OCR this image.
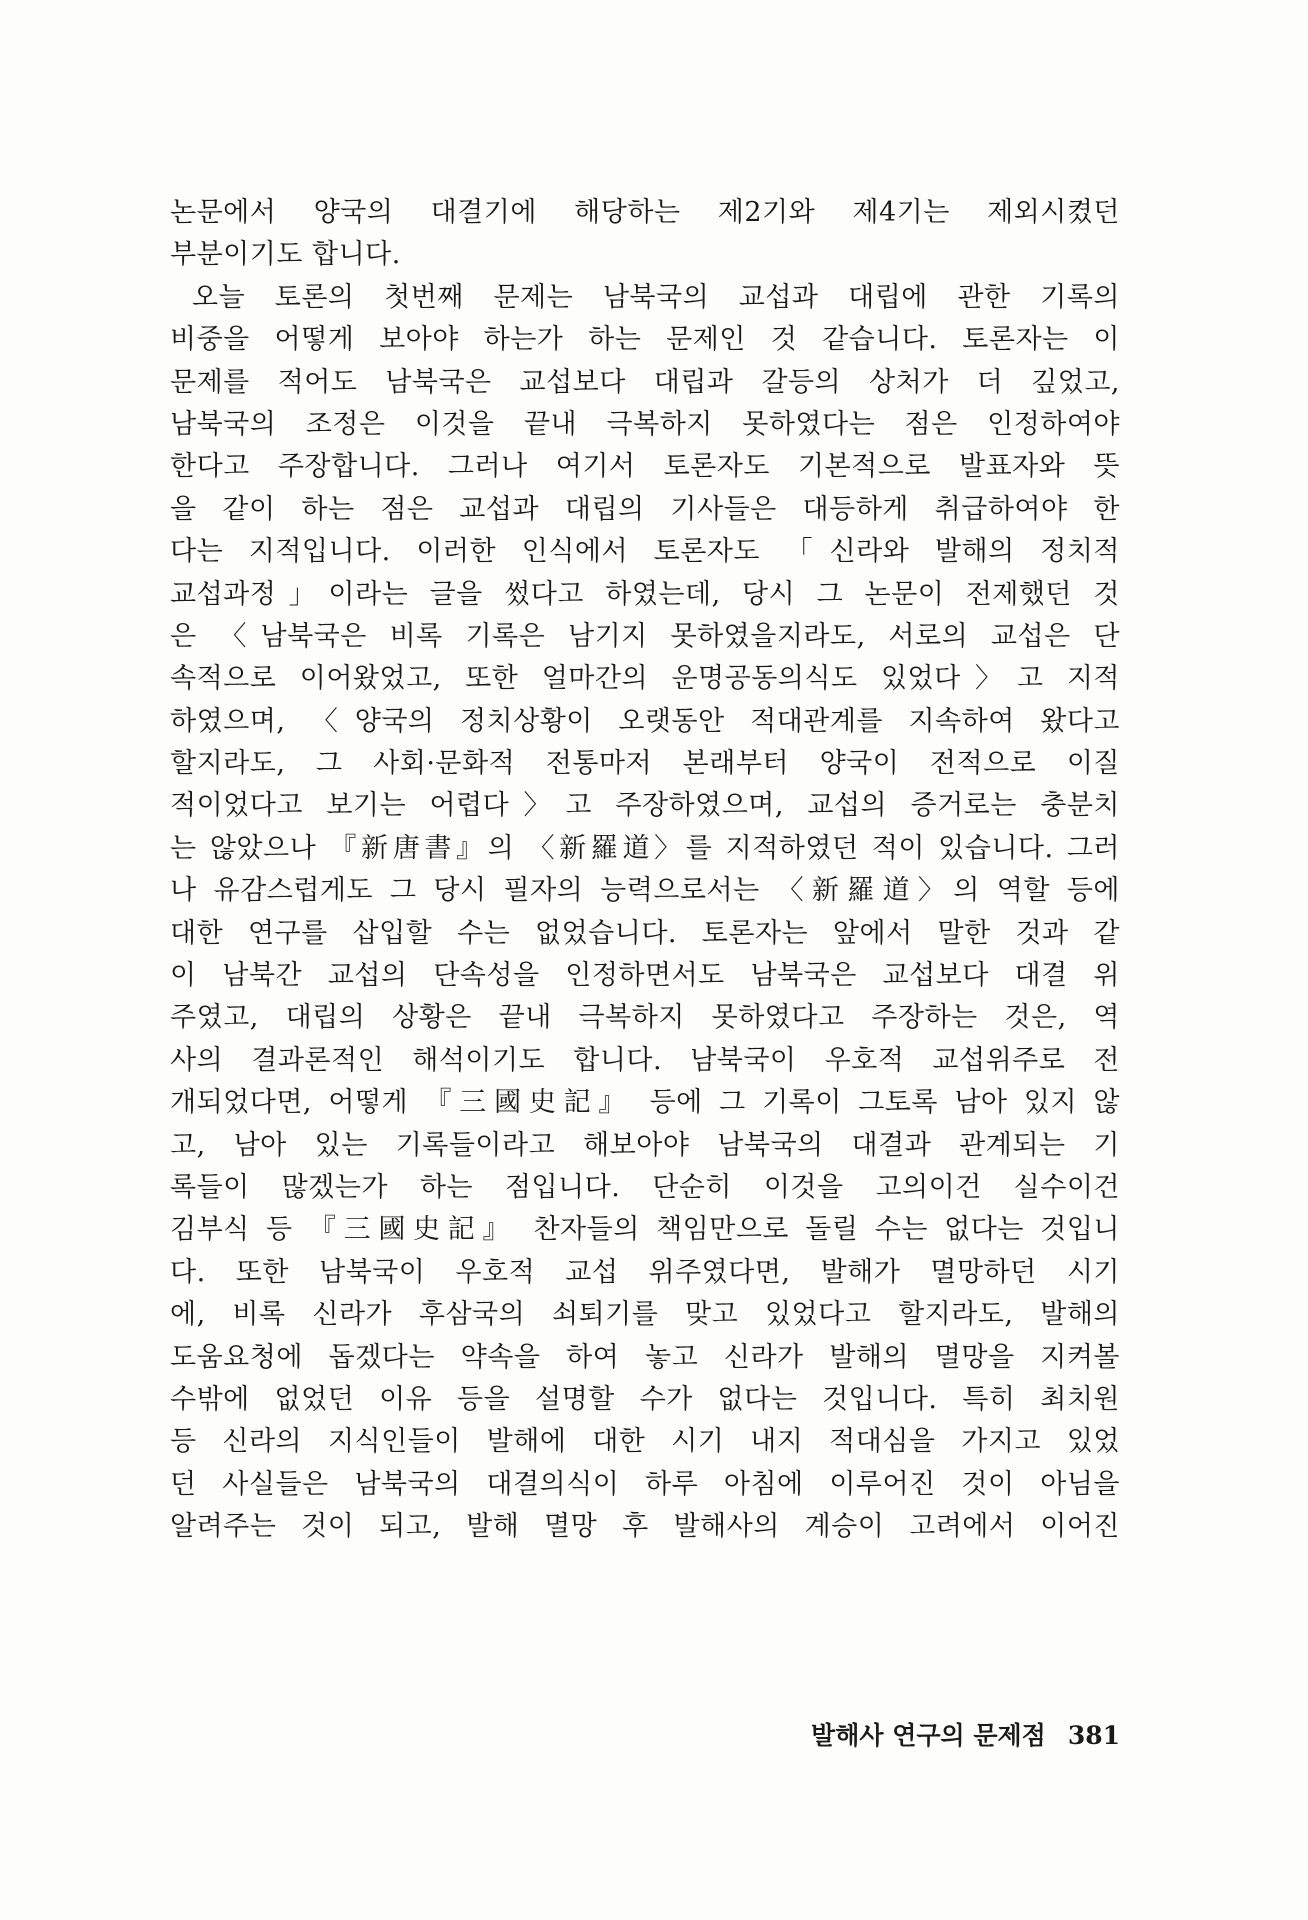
논문에서 양국의 대결기에 해당하는 제2기와 제4기는 제외시켰던
부분이기도 합니다.
오늘 토론의 첫번째 문제는 남북국의 교섭과 대립에 관한 기록의
비중을 어떻게 보아야 하는가 하는 문제인 것 같습니다. 토론자는 이
문제를 적어도 남북국은 교섭보다 대립과 갈등의 상처가 더 깊었고,
남북국의 조정은 이것을 끝내 극복하지 못하였다는 점은 인정하여야
한다고 주장합니다. 그러나 여기서 토론자도 기본적으로 발표자와 뜻
을 같이 하는 점은 교섭과 대립의 기사들은 대등하게 취급하여야 한
다는 지적입니다. 이러한 인식에서 토론자도 「신라와 발해의 정치적
교섭과정」이라는 글을 썼다고 하였는데, 당시 그 논문이 전제했던 것
은 〈남북국은 비록 기록은 남기지 못하였을지라도, 서로의 교섭은 단
속적으로 이어왔었고, 또한 얼마간의 운명공동의식도 있었다〉고 지적
하였으며, 〈양국의 정치상황이 오랫동안 적대관계를 지속하여 왔다고
할지라도, 그 사회·문화적 전통마저 본래부터 양국이 전적으로 이질
적이었다고 보기는 어렵다〉고 주장하였으며, 교섭의 증거로는 충분치
는 않았으나 『新唐書』의 〈新羅道〉를 지적하였던 적이 있습니다. 그러
나 유감스럽게도 그 당시 필자의 능력으로서는 〈新羅道〉의 역할 등에
대한 연구를 삽입할 수는 없었습니다. 토론자는 앞에서 말한 것과 같
이 남북간 교섭의 단속성을 인정하면서도 남북국은 교섭보다 대결 위
주였고, 대립의 상황은 끝내 극복하지 못하였다고 주장하는 것은, 역
사의 결과론적인 해석이기도 합니다. 남북국이 우호적 교섭위주로 전
개되었다면, 어떻게 『三國史記』 등에 그 기록이 그토록 남아 있지 않
고, 남아 있는 기록들이라고 해보아야 남북국의 대결과 관계되는 기
록들이 많겠는가 하는 점입니다. 단순히 이것을 고의이건 실수이건
김부식 등 『三國史記』 찬자들의 책임만으로 돌릴 수는 없다는 것입니
다. 또한 남북국이 우호적 교섭 위주였다면, 발해가 멸망하던 시기
에, 비록 신라가 후삼국의 쇠퇴기를 맞고 있었다고 할지라도, 발해의
도움요청에 돕겠다는 약속을 하여 놓고 신라가 발해의 멸망을 지켜볼
수밖에 없었던 이유 등을 설명할 수가 없다는 것입니다. 특히 최치원
등 신라의 지식인들이 발해에 대한 시기 내지 적대심을 가지고 있었
던 사실들은 남북국의 대결의식이 하루 아침에 이루어진 것이 아님을
알려주는 것이 되고, 발해 멸망 후 발해사의 계승이 고려에서 이어진
발해사 연구의 문제점 381
